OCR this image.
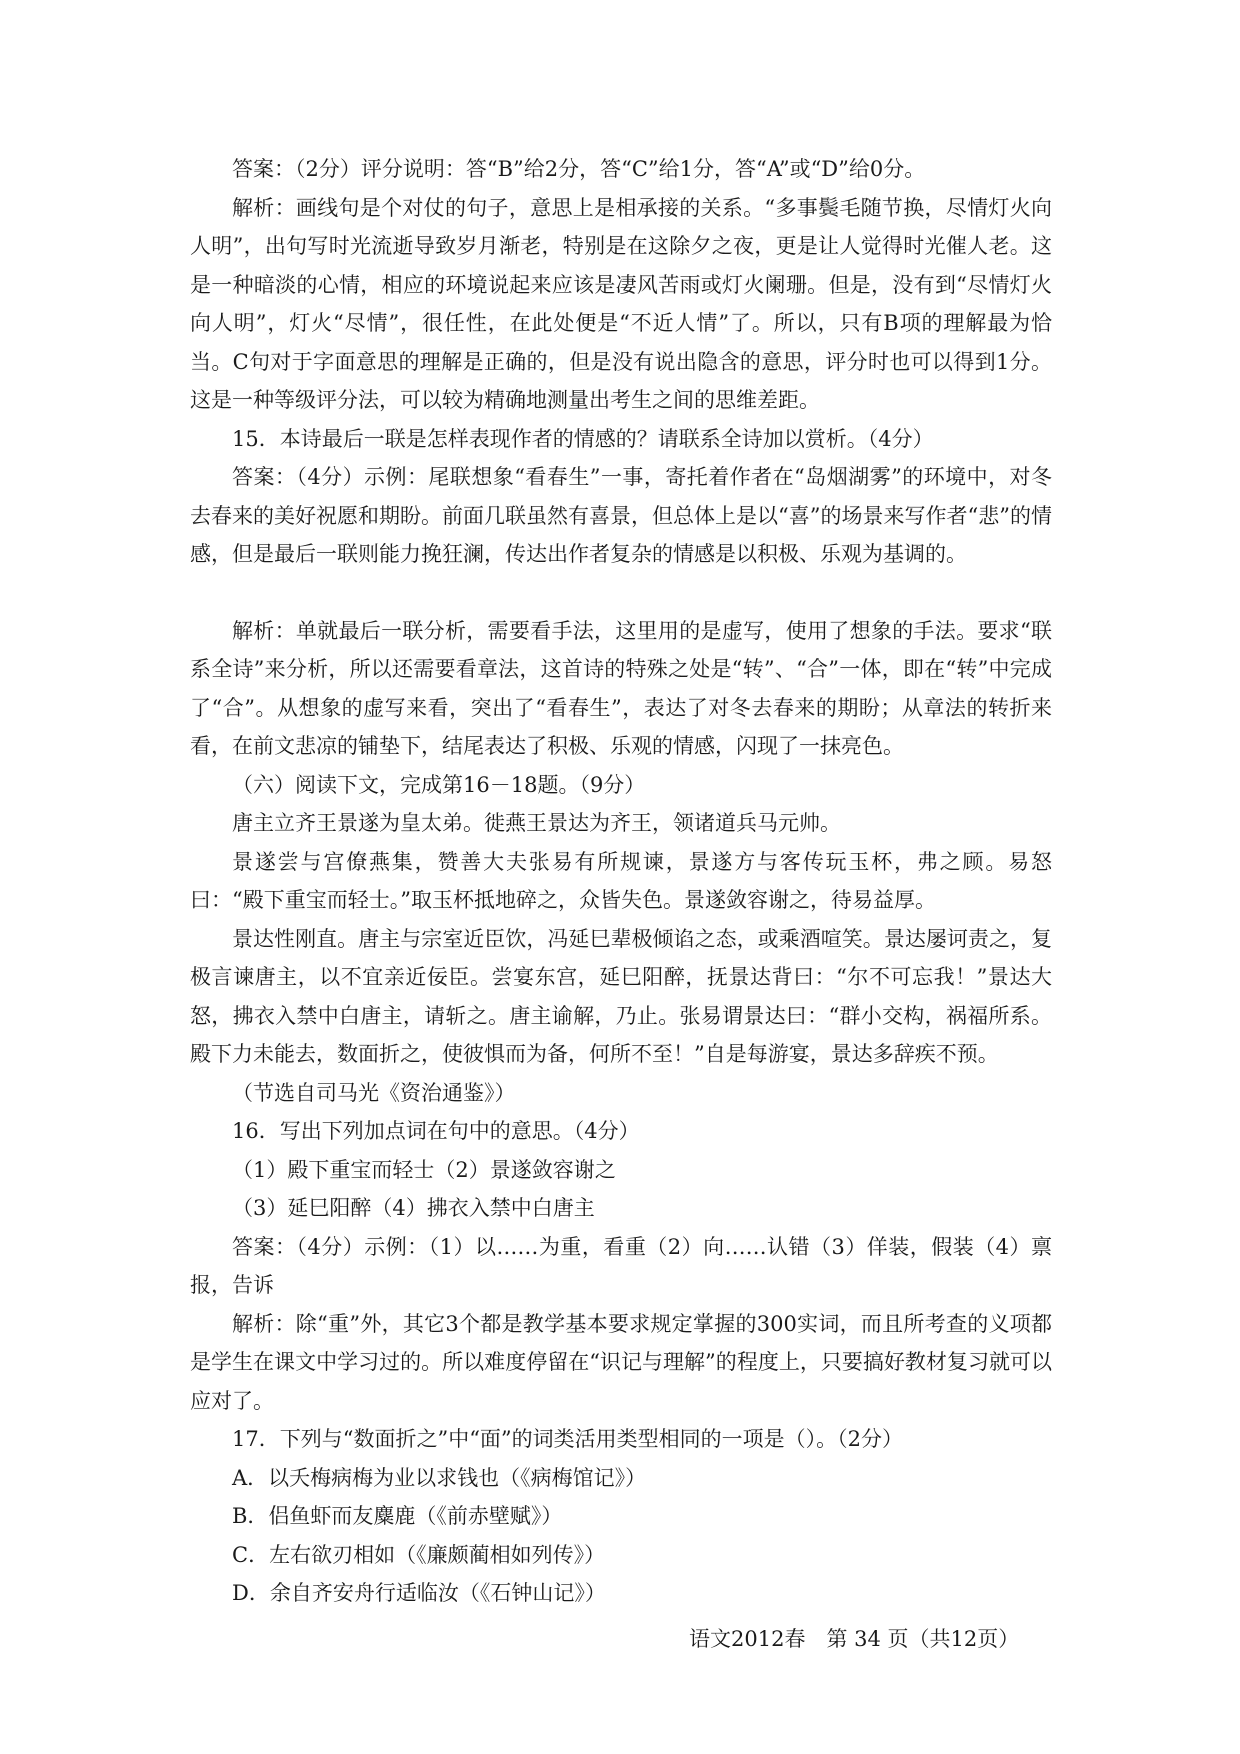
答案：（2分）评分说明：答“B”给2分，答“C”给1分，答“A”或“D”给0分。

解析：画线句是个对仗的句子，意思上是相承接的关系。“多事鬓毛随节换，尽情灯火向人明”，出句写时光流逝导致岁月渐老，特别是在这除夕之夜，更是让人觉得时光催人老。这是一种暗淡的心情，相应的环境说起来应该是凄风苦雨或灯火阑珊。但是，没有到“尽情灯火向人明”，灯火“尽情”，很任性，在此处便是“不近人情”了。所以，只有B项的理解最为恰当。C句对于字面意思的理解是正确的，但是没有说出隐含的意思，评分时也可以得到1分。这是一种等级评分法，可以较为精确地测量出考生之间的思维差距。

15．本诗最后一联是怎样表现作者的情感的？请联系全诗加以赏析。（4分）

答案：（4分）示例：尾联想象“看春生”一事，寄托着作者在“岛烟湖雾”的环境中，对冬去春来的美好祝愿和期盼。前面几联虽然有喜景，但总体上是以“喜”的场景来写作者“悲”的情感，但是最后一联则能力挽狂澜，传达出作者复杂的情感是以积极、乐观为基调的。

解析：单就最后一联分析，需要看手法，这里用的是虚写，使用了想象的手法。要求“联系全诗”来分析，所以还需要看章法，这首诗的特殊之处是“转”、“合”一体，即在“转”中完成了“合”。从想象的虚写来看，突出了“看春生”，表达了对冬去春来的期盼；从章法的转折来看，在前文悲凉的铺垫下，结尾表达了积极、乐观的情感，闪现了一抹亮色。

（六）阅读下文，完成第16－18题。（9分）

唐主立齐王景遂为皇太弟。徙燕王景达为齐王，领诸道兵马元帅。

景遂尝与宫僚燕集，赞善大夫张易有所规谏，景遂方与客传玩玉杯，弗之顾。易怒曰：“殿下重宝而轻士。”取玉杯抵地碎之，众皆失色。景遂敛容谢之，待易益厚。

景达性刚直。唐主与宗室近臣饮，冯延巳辈极倾谄之态，或乘酒喧笑。景达屡诃责之，复极言谏唐主，以不宜亲近佞臣。尝宴东宫，延巳阳醉，抚景达背曰：“尔不可忘我！”景达大怒，拂衣入禁中白唐主，请斩之。唐主谕解，乃止。张易谓景达曰：“群小交构，祸福所系。殿下力未能去，数面折之，使彼惧而为备，何所不至！”自是每游宴，景达多辞疾不预。

（节选自司马光《资治通鉴》）

16．写出下列加点词在句中的意思。（4分）

（1）殿下重宝而轻士（2）景遂敛容谢之

（3）延巳阳醉（4）拂衣入禁中白唐主

答案：（4分）示例：（1）以……为重，看重（2）向……认错（3）佯装，假装（4）禀报，告诉

解析：除“重”外，其它3个都是教学基本要求规定掌握的300实词，而且所考查的义项都是学生在课文中学习过的。所以难度停留在“识记与理解”的程度上，只要搞好教材复习就可以应对了。

17．下列与“数面折之”中“面”的词类活用类型相同的一项是（）。（2分）

A．以夭梅病梅为业以求钱也（《病梅馆记》）

B．侣鱼虾而友麋鹿（《前赤壁赋》）

C．左右欲刃相如（《廉颇蔺相如列传》）

D．余自齐安舟行适临汝（《石钟山记》）

语文2012春　第 34 页（共12页）
